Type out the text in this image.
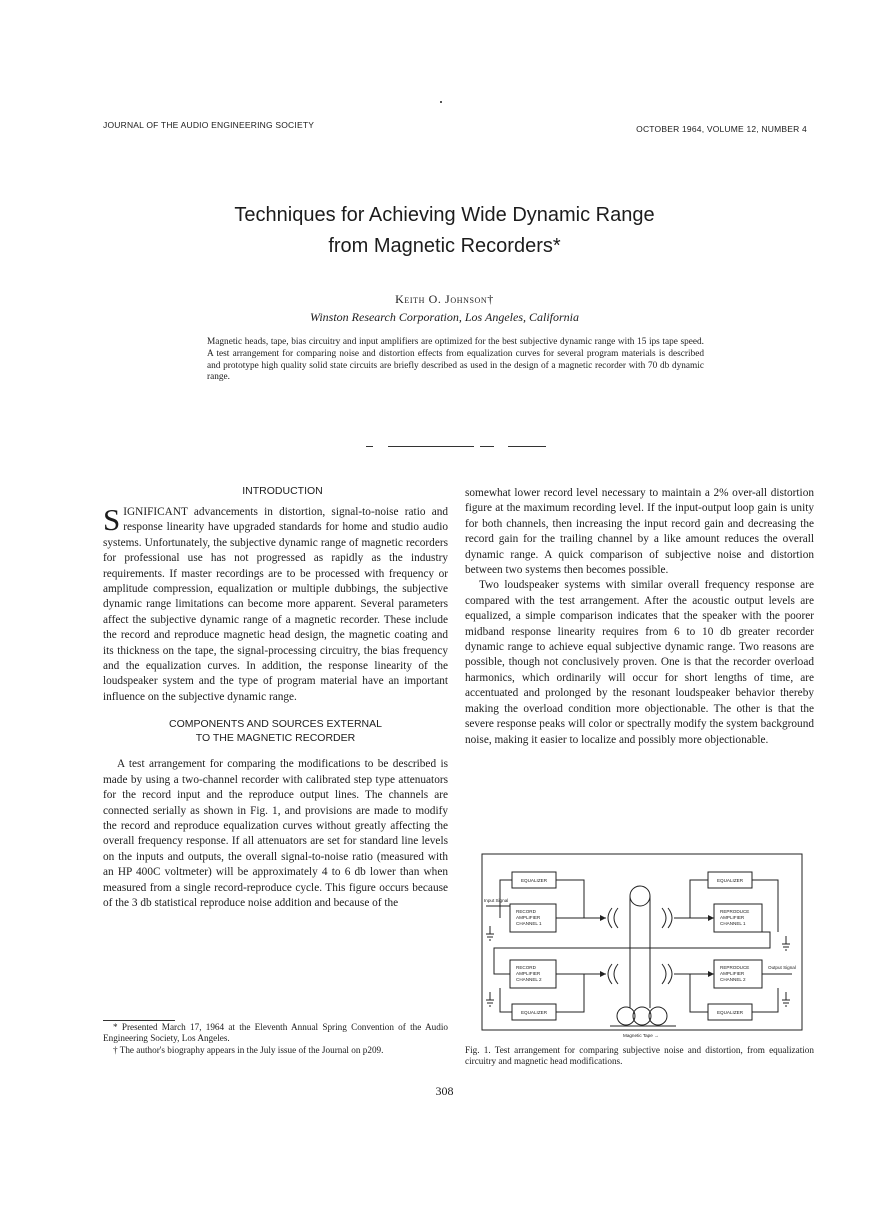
JOURNAL OF THE AUDIO ENGINEERING SOCIETY	OCTOBER 1964, VOLUME 12, NUMBER 4
Techniques for Achieving Wide Dynamic Range
from Magnetic Recorders*
Keith O. Johnson†
Winston Research Corporation, Los Angeles, California
Magnetic heads, tape, bias circuitry and input amplifiers are optimized for the best subjective dynamic range with 15 ips tape speed. A test arrangement for comparing noise and distortion effects from equalization curves for several program materials is described and prototype high quality solid state circuits are briefly described as used in the design of a magnetic recorder with 70 db dynamic range.

INTRODUCTION

SIGNIFICANT advancements in distortion, signal-to-noise ratio and response linearity have upgraded standards for home and studio audio systems. Unfortunately, the subjective dynamic range of magnetic recorders for professional use has not progressed as rapidly as the industry requirements. If master recordings are to be processed with frequency or amplitude compression, equalization or multiple dubbings, the subjective dynamic range limitations can become more apparent. Several parameters affect the subjective dynamic range of a magnetic recorder. These include the record and reproduce magnetic head design, the magnetic coating and its thickness on the tape, the signal-processing circuitry, the bias frequency and the equalization curves. In addition, the response linearity of the loudspeaker system and the type of program material have an important influence on the subjective dynamic range.

COMPONENTS AND SOURCES EXTERNAL
TO THE MAGNETIC RECORDER

A test arrangement for comparing the modifications to be described is made by using a two-channel recorder with calibrated step type attenuators for the record input and the reproduce output lines. The channels are connected serially as shown in Fig. 1, and provisions are made to modify the record and reproduce equalization curves without greatly affecting the overall frequency response. If all attenuators are set for standard line levels on the inputs and outputs, the overall signal-to-noise ratio (measured with an HP 400C voltmeter) will be approximately 4 to 6 db lower than when measured from a single record-reproduce cycle. This figure occurs because of the 3 db statistical reproduce noise addition and because of the

* Presented March 17, 1964 at the Eleventh Annual Spring Convention of the Audio Engineering Society, Los Angeles.
† The author's biography appears in the July issue of the Journal on p209.

somewhat lower record level necessary to maintain a 2% over-all distortion figure at the maximum recording level. If the input-output loop gain is unity for both channels, then increasing the input record gain and decreasing the record gain for the trailing channel by a like amount reduces the overall dynamic range. A quick comparison of subjective noise and distortion between two systems then becomes possible.

Two loudspeaker systems with similar overall frequency response are compared with the test arrangement. After the acoustic output levels are equalized, a simple comparison indicates that the speaker with the poorer midband response linearity requires from 6 to 10 db greater recorder dynamic range to achieve equal subjective dynamic range. Two reasons are possible, though not conclusively proven. One is that the recorder overload harmonics, which ordinarily will occur for short lengths of time, are accentuated and prolonged by the resonant loudspeaker behavior thereby making the overload condition more objectionable. The other is that the severe response peaks will color or spectrally modify the system background noise, making it easier to localize and possibly more objectionable.

EQUALIZER	EQUALIZER
EQUALIZER	EQUALIZER
RECORD
AMPLIFIER
CHANNEL 1
RECORD
AMPLIFIER
CHANNEL 2
REPRODUCE
AMPLIFIER
CHANNEL 1
REPRODUCE
AMPLIFIER
CHANNEL 2
Input Signal
Output Signal
Magnetic Tape →
Fig. 1. Test arrangement for comparing subjective noise and distortion, from equalization circuitry and magnetic head modifications.
308
